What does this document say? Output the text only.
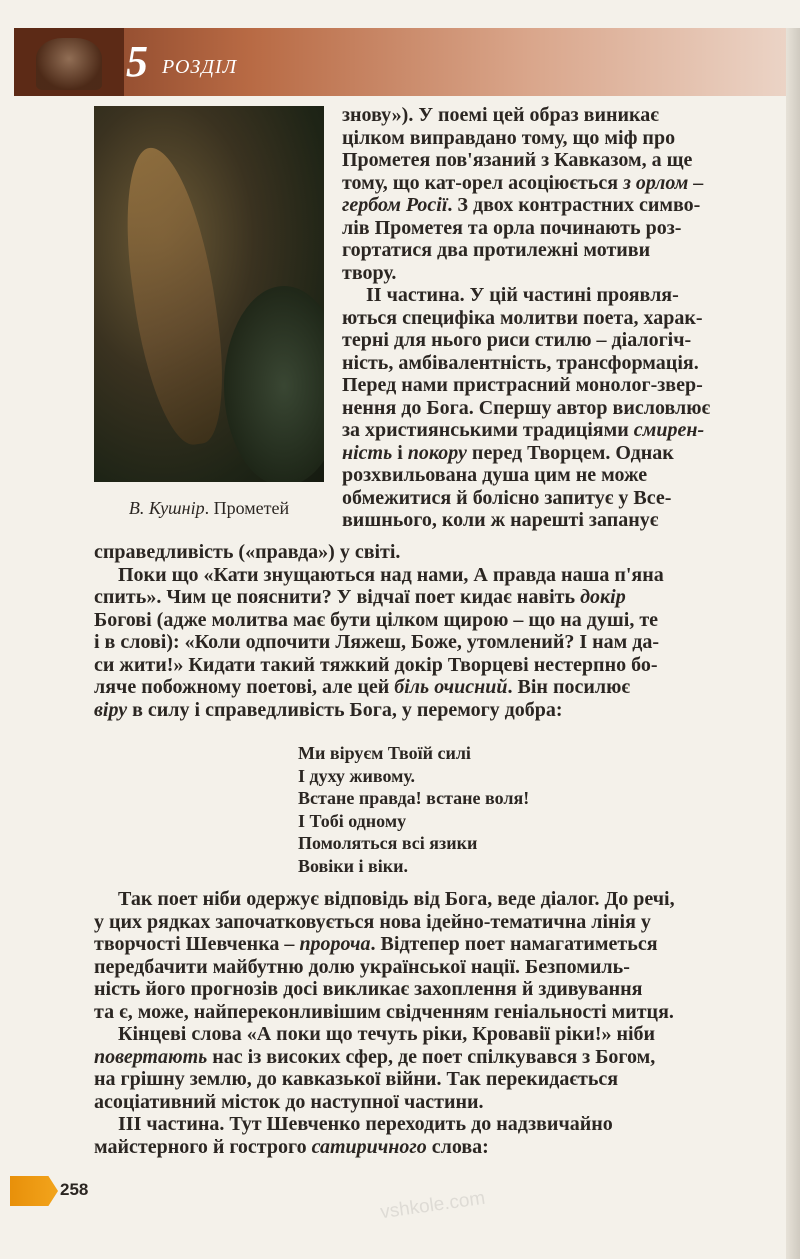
5 РОЗДІЛ
В. Кушнір. Прометей

знову»). У поемі цей образ виникає

цілком виправдано тому, що міф про

Прометея пов'язаний з Кавказом, а ще

тому, що кат-орел асоціюється з орлом –

гербом Росії. З двох контрастних симво-

лів Прометея та орла починають роз-

гортатися два протилежні мотиви

твору.

ІІ частина. У цій частині проявля-

ються специфіка молитви поета, харак-

терні для нього риси стилю – діалогіч-

ність, амбівалентність, трансформація.

Перед нами пристрасний монолог-звер-

нення до Бога. Спершу автор висловлює

за християнськими традиціями смирен-

ність і покору перед Творцем. Однак

розхвильована душа цим не може

обмежитися й болісно запитує у Все-

вишнього, коли ж нарешті запанує

справедливість («правда») у світі.

Поки що «Кати знущаються над нами, А правда наша п'яна

спить». Чим це пояснити? У відчаї поет кидає навіть докір

Богові (адже молитва має бути цілком щирою – що на душі, те

і в слові): «Коли одпочити Ляжеш, Боже, утомлений? І нам да-

си жити!» Кидати такий тяжкий докір Творцеві нестерпно бо-

ляче побожному поетові, але цей біль очисний. Він посилює

віру в силу і справедливість Бога, у перемогу добра:

Ми віруєм Твоїй силі
І духу живому.
Встане правда! встане воля!
І Тобі одному
Помоляться всі язики
Вовіки і віки.

Так поет ніби одержує відповідь від Бога, веде діалог. До речі,

у цих рядках започатковується нова ідейно-тематична лінія у

творчості Шевченка – пророча. Відтепер поет намагатиметься

передбачити майбутню долю української нації. Безпомиль-

ність його прогнозів досі викликає захоплення й здивування

та є, може, найпереконливішим свідченням геніальності митця.

Кінцеві слова «А поки що течуть ріки, Кровавії ріки!» ніби

повертають нас із високих сфер, де поет спілкувався з Богом,

на грішну землю, до кавказької війни. Так перекидається

асоціативний місток до наступної частини.

ІІІ частина. Тут Шевченко переходить до надзвичайно

майстерного й гострого сатиричного слова:

258	vshkole.com
